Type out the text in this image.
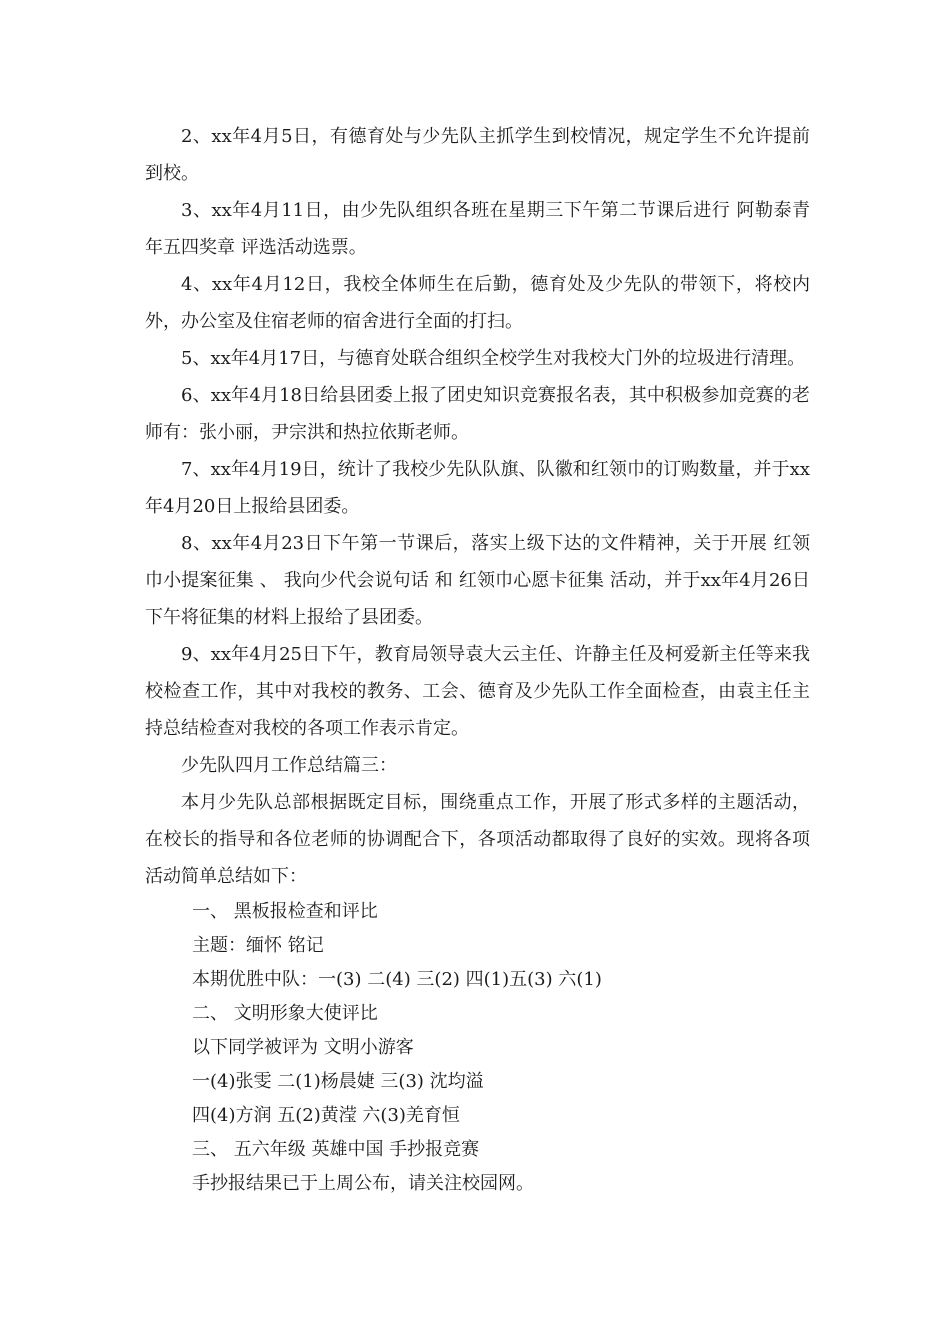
2、xx年4月5日，有德育处与少先队主抓学生到校情况，规定学生不允许提前到校。

3、xx年4月11日，由少先队组织各班在星期三下午第二节课后进行 阿勒泰青年五四奖章 评选活动选票。

4、xx年4月12日，我校全体师生在后勤，德育处及少先队的带领下，将校内外，办公室及住宿老师的宿舍进行全面的打扫。

5、xx年4月17日，与德育处联合组织全校学生对我校大门外的垃圾进行清理。

6、xx年4月18日给县团委上报了团史知识竞赛报名表，其中积极参加竞赛的老师有：张小丽，尹宗洪和热拉依斯老师。

7、xx年4月19日，统计了我校少先队队旗、队徽和红领巾的订购数量，并于xx年4月20日上报给县团委。

8、xx年4月23日下午第一节课后，落实上级下达的文件精神，关于开展 红领巾小提案征集 、 我向少代会说句话 和 红领巾心愿卡征集 活动，并于xx年4月26日下午将征集的材料上报给了县团委。

9、xx年4月25日下午，教育局领导袁大云主任、许静主任及柯爱新主任等来我校检查工作，其中对我校的教务、工会、德育及少先队工作全面检查，由袁主任主持总结检查对我校的各项工作表示肯定。

少先队四月工作总结篇三：

本月少先队总部根据既定目标，围绕重点工作，开展了形式多样的主题活动，在校长的指导和各位老师的协调配合下，各项活动都取得了良好的实效。现将各项活动简单总结如下：

一、 黑板报检查和评比

主题：缅怀 铭记

本期优胜中队：一(3) 二(4) 三(2) 四(1)五(3) 六(1)

二、 文明形象大使评比

以下同学被评为 文明小游客

一(4)张雯 二(1)杨晨婕 三(3) 沈均溢

四(4)方润 五(2)黄滢 六(3)羌育恒

三、 五六年级 英雄中国 手抄报竞赛

手抄报结果已于上周公布，请关注校园网。
